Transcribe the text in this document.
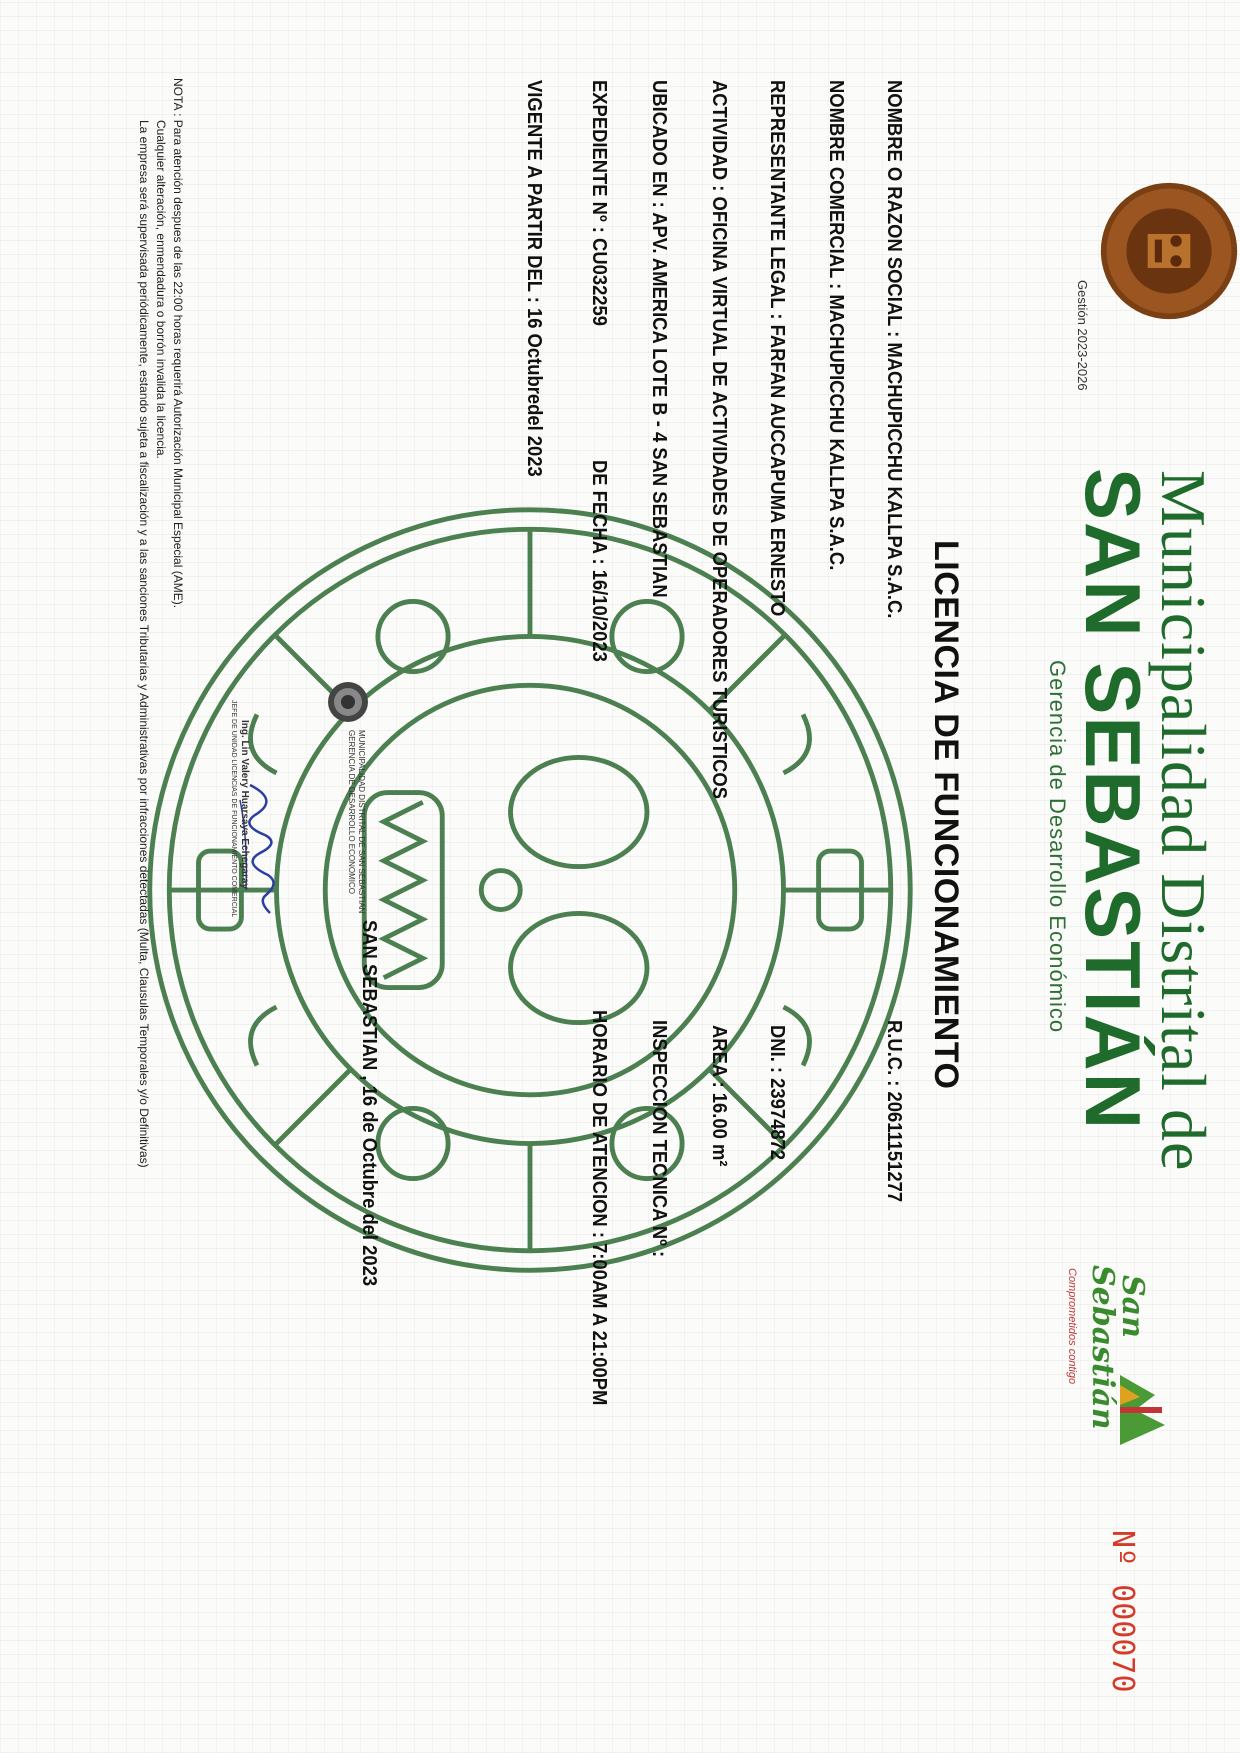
Gestión 2023-2026
Municipalidad Distrital de
SAN SEBASTIÁN
Gerencia de Desarrollo Económico
San
Sebastián
Comprometidos contigo
Nº 000070
LICENCIA DE FUNCIONAMIENTO
NOMBRE O RAZON SOCIAL : MACHUPICCHU KALLPA S.A.C.
R.U.C. : 20611151277
NOMBRE COMERCIAL : MACHUPICCHU KALLPA S.A.C.
REPRESENTANTE LEGAL : FARFAN AUCCAPUMA ERNESTO
DNI. : 23974872
ACTIVIDAD : OFICINA VIRTUAL DE ACTIVIDADES DE OPERADORES TURISTICOS
AREA : 16.00 m²
UBICADO EN : APV. AMERICA LOTE B - 4 SAN SEBASTIAN
INSPECCION TECNICA Nº :
EXPEDIENTE Nº : CU032259
DE FECHA : 16/10/2023
HORARIO DE ATENCION : 7:00AM A 21:00PM
VIGENTE A PARTIR DEL : 16 Octubredel 2023
SAN SEBASTIAN , 16 de Octubre del 2023
MUNICIPALIDAD DISTRITAL DE SAN SEBASTIAN
GERENCIA DE DESARROLLO ECONOMICO
Ing. Lin Valery Huarsaya Echegaray
JEFE DE UNIDAD LICENCIAS DE FUNCIONAMIENTO COMERCIAL
NOTA : Para atención despues de las 22:00 horas requerirá Autorización Municipal Especial (AME).
Cualquier alteración, enmendadura o borrón invalida la licencia.
La empresa será supervisada periódicamente, estando sujeta a fiscalización y a las sanciones Tributarias y Administrativas por infracciones detectadas (Multa, Clausulas Temporales y/o Definitivas)
